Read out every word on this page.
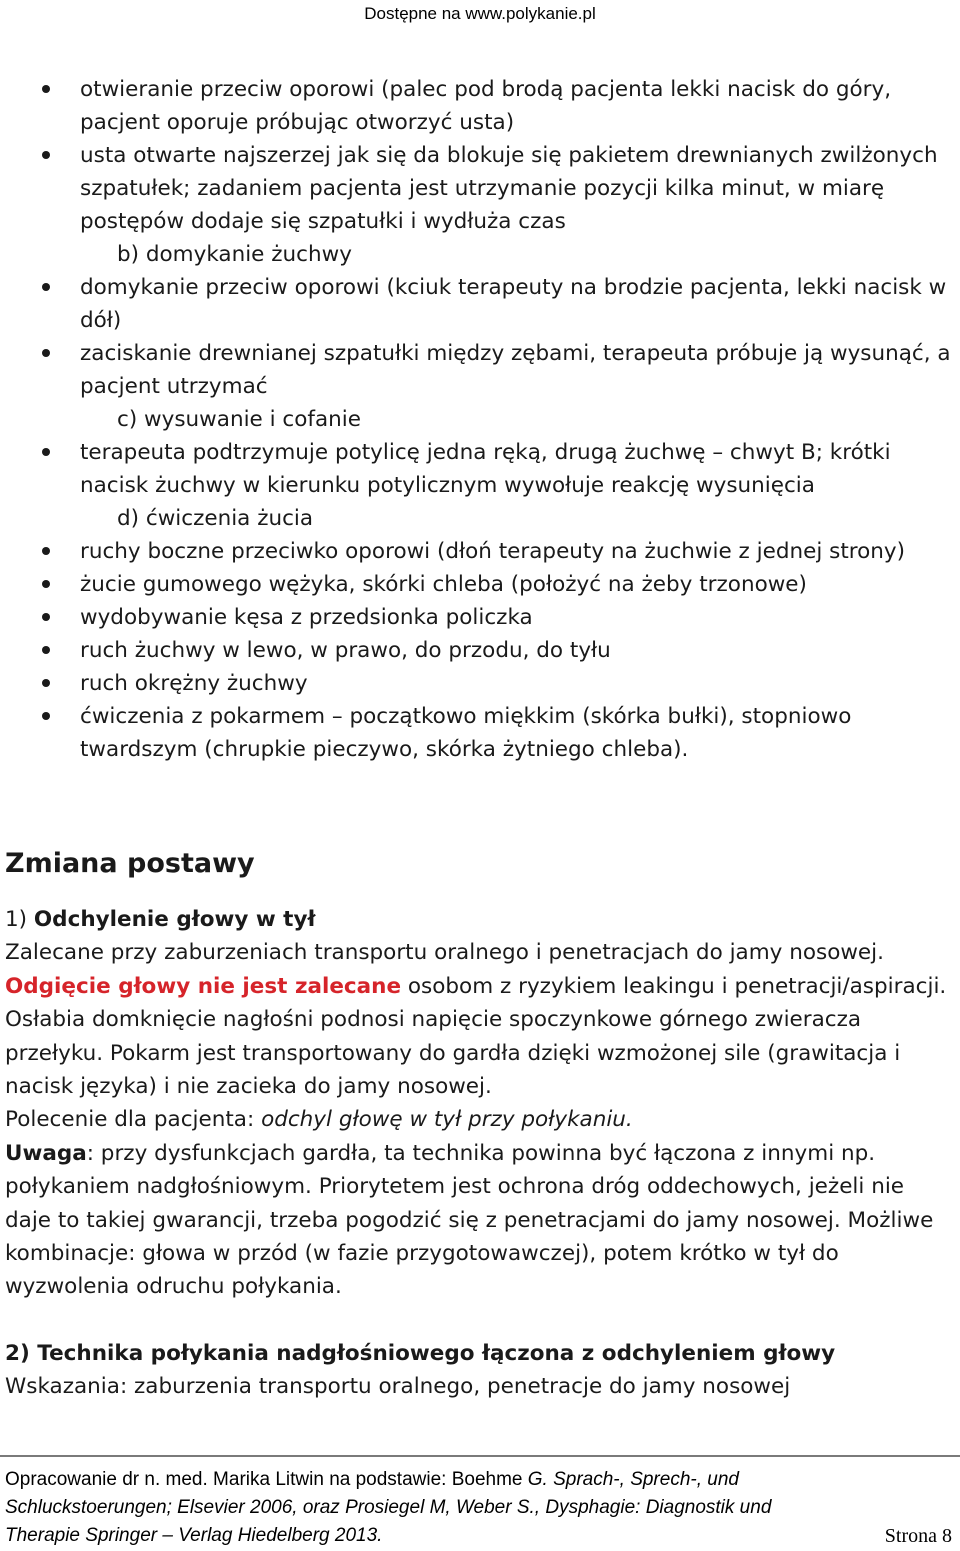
Dostępne na www.polykanie.pl
otwieranie przeciw oporowi (palec pod brodą pacjenta lekki nacisk do góry, pacjent oporuje próbując otworzyć usta)
usta otwarte najszerzej jak się da blokuje się pakietem drewnianych zwilżonych szpatułek; zadaniem pacjenta jest utrzymanie pozycji kilka minut, w miarę postępów dodaje się szpatułki i wydłuża czas
b) domykanie żuchwy
domykanie przeciw oporowi (kciuk terapeuty na brodzie pacjenta, lekki nacisk w dół)
zaciskanie drewnianej szpatułki między zębami, terapeuta próbuje ją wysunąć, a pacjent utrzymać
c) wysuwanie i cofanie
terapeuta podtrzymuje potylicę jedna ręką, drugą żuchwę – chwyt B; krótki nacisk żuchwy w kierunku potylicznym wywołuje reakcję wysunięcia
d) ćwiczenia żucia
ruchy boczne przeciwko oporowi (dłoń terapeuty na żuchwie z jednej strony)
żucie gumowego wężyka, skórki chleba (położyć na żeby trzonowe)
wydobywanie kęsa z przedsionka policzka
ruch żuchwy w lewo, w prawo, do przodu, do tyłu
ruch okrężny żuchwy
ćwiczenia z pokarmem – początkowo miękkim (skórka bułki), stopniowo twardszym (chrupkie pieczywo, skórka żytniego chleba).
Zmiana postawy

1) Odchylenie głowy w tył

Zalecane przy zaburzeniach transportu oralnego i penetracjach do jamy nosowej. Odgięcie głowy nie jest zalecane osobom z ryzykiem leakingu i penetracji/aspiracji. Osłabia domknięcie nagłośni podnosi napięcie spoczynkowe górnego zwieracza przełyku. Pokarm jest transportowany do gardła dzięki wzmożonej sile (grawitacja i nacisk języka) i nie zacieka do jamy nosowej.

Polecenie dla pacjenta: odchyl głowę w tył przy połykaniu.

Uwaga: przy dysfunkcjach gardła, ta technika powinna być łączona z innymi np. połykaniem nadgłośniowym. Priorytetem jest ochrona dróg oddechowych, jeżeli nie daje to takiej gwarancji, trzeba pogodzić się z penetracjami do jamy nosowej. Możliwe kombinacje: głowa w przód (w fazie przygotowawczej), potem krótko w tył do wyzwolenia odruchu połykania.

2) Technika połykania nadgłośniowego łączona z odchyleniem głowy

Wskazania: zaburzenia transportu oralnego, penetracje do jamy nosowej

Opracowanie dr n. med. Marika Litwin na podstawie: Boehme G. Sprach-, Sprech-, und

Schluckstoerungen; Elsevier 2006, oraz Prosiegel M, Weber S., Dysphagie: Diagnostik und

Therapie Springer – Verlag Hiedelberg 2013.	Strona 8
